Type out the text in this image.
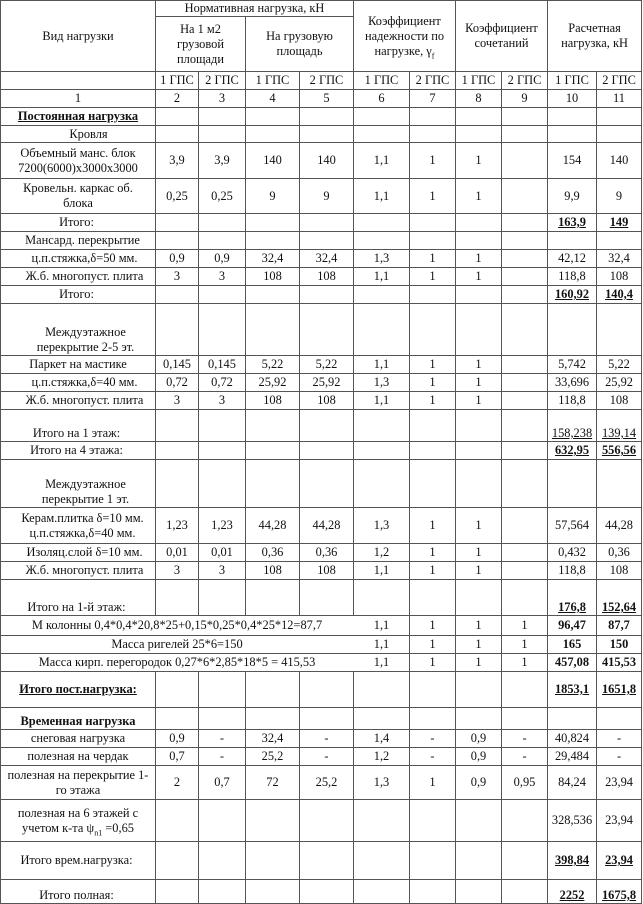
Вид нагрузки	Нормативная нагрузка, кН				Коэффициент надежности по нагрузке, $\gamma_f$		Коэффициент сочетаний		Расчетная нагрузка, кН	
	На 1 м2 грузовой площади		На грузовую площадь							
	1 ГПС	2 ГПС	1 ГПС	2 ГПС	1 ГПС	2 ГПС	1 ГПС	2 ГПС	1 ГПС	2 ГПС
1	2	3	4	5	6	7	8	9	10	11
Постоянная нагрузка										
Кровля										
Объемный манс. блок
7200(6000)х3000х3000	3,9	3,9	140	140	1,1	1	1		154	140
Кровельн. каркас об.
блока	0,25	0,25	9	9	1,1	1	1		9,9	9
Итого:									163,9	149
Мансард. перекрытие										
ц.п.стяжка,δ=50 мм.	0,9	0,9	32,4	32,4	1,3	1	1		42,12	32,4
Ж.б. многопуст. плита	3	3	108	108	1,1	1	1		118,8	108
Итого:									160,92	140,4
Междуэтажное
перекрытие 2-5 эт.										
Паркет на мастике	0,145	0,145	5,22	5,22	1,1	1	1		5,742	5,22
ц.п.стяжка,δ=40 мм.	0,72	0,72	25,92	25,92	1,3	1	1		33,696	25,92
Ж.б. многопуст. плита	3	3	108	108	1,1	1	1		118,8	108
Итого на 1 этаж:									158,238	139,14
Итого на 4 этажа:									632,95	556,56
Междуэтажное
перекрытие 1 эт.										
Керам.плитка δ=10 мм.
ц.п.стяжка,δ=40 мм.	1,23	1,23	44,28	44,28	1,3	1	1		57,564	44,28
Изоляц.слой δ=10 мм.	0,01	0,01	0,36	0,36	1,2	1	1		0,432	0,36
Ж.б. многопуст. плита	3	3	108	108	1,1	1	1		118,8	108
Итого на 1-й этаж:									176,8	152,64
М колонны 0,4*0,4*20,8*25+0,15*0,25*0,4*25*12=87,7					1,1	1	1	1	96,47	87,7
Масса ригелей 25*6=150					1,1	1	1	1	165	150
Масса кирп. перегородок 0,27*6*2,85*18*5 = 415,53					1,1	1	1	1	457,08	415,53
Итого пост.нагрузка:									1853,1	1651,8
Временная нагрузка										
снеговая нагрузка	0,9	-	32,4	-	1,4	-	0,9	-	40,824	-
полезная на чердак	0,7	-	25,2	-	1,2	-	0,9	-	29,484	-
полезная на перекрытие 1-
го этажа	2	0,7	72	25,2	1,3	1	0,9	0,95	84,24	23,94
полезная на 6 этажей с
учетом к-та $\psi_{n1} =0,65$									328,536	23,94
Итого врем.нагрузка:									398,84	23,94
Итого полная:									2252	1675,8
